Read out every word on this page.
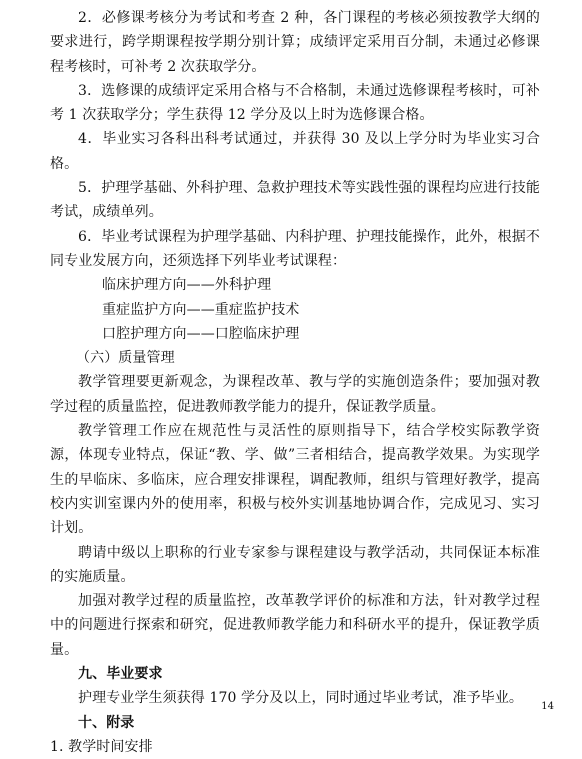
2．必修课考核分为考试和考查 2 种，各门课程的考核必须按教学大纲的要求进行，跨学期课程按学期分别计算；成绩评定采用百分制，未通过必修课程考核时，可补考 2 次获取学分。

3．选修课的成绩评定采用合格与不合格制，未通过选修课程考核时，可补考 1 次获取学分；学生获得 12 学分及以上时为选修课合格。

4．毕业实习各科出科考试通过，并获得 30 及以上学分时为毕业实习合格。

5．护理学基础、外科护理、急救护理技术等实践性强的课程均应进行技能考试，成绩单列。

6．毕业考试课程为护理学基础、内科护理、护理技能操作，此外，根据不同专业发展方向，还须选择下列毕业考试课程：

临床护理方向——外科护理

重症监护方向——重症监护技术

口腔护理方向——口腔临床护理

（六）质量管理

教学管理要更新观念，为课程改革、教与学的实施创造条件；要加强对教学过程的质量监控，促进教师教学能力的提升，保证教学质量。

教学管理工作应在规范性与灵活性的原则指导下，结合学校实际教学资源，体现专业特点，保证“教、学、做”三者相结合，提高教学效果。为实现学生的早临床、多临床，应合理安排课程，调配教师，组织与管理好教学，提高校内实训室课内外的使用率，积极与校外实训基地协调合作，完成见习、实习计划。

聘请中级以上职称的行业专家参与课程建设与教学活动，共同保证本标准的实施质量。

加强对教学过程的质量监控，改革教学评价的标准和方法，针对教学过程中的问题进行探索和研究，促进教师教学能力和科研水平的提升，保证教学质量。

九、毕业要求

护理专业学生须获得 170 学分及以上，同时通过毕业考试，准予毕业。

十、附录

1. 教学时间安排

14
